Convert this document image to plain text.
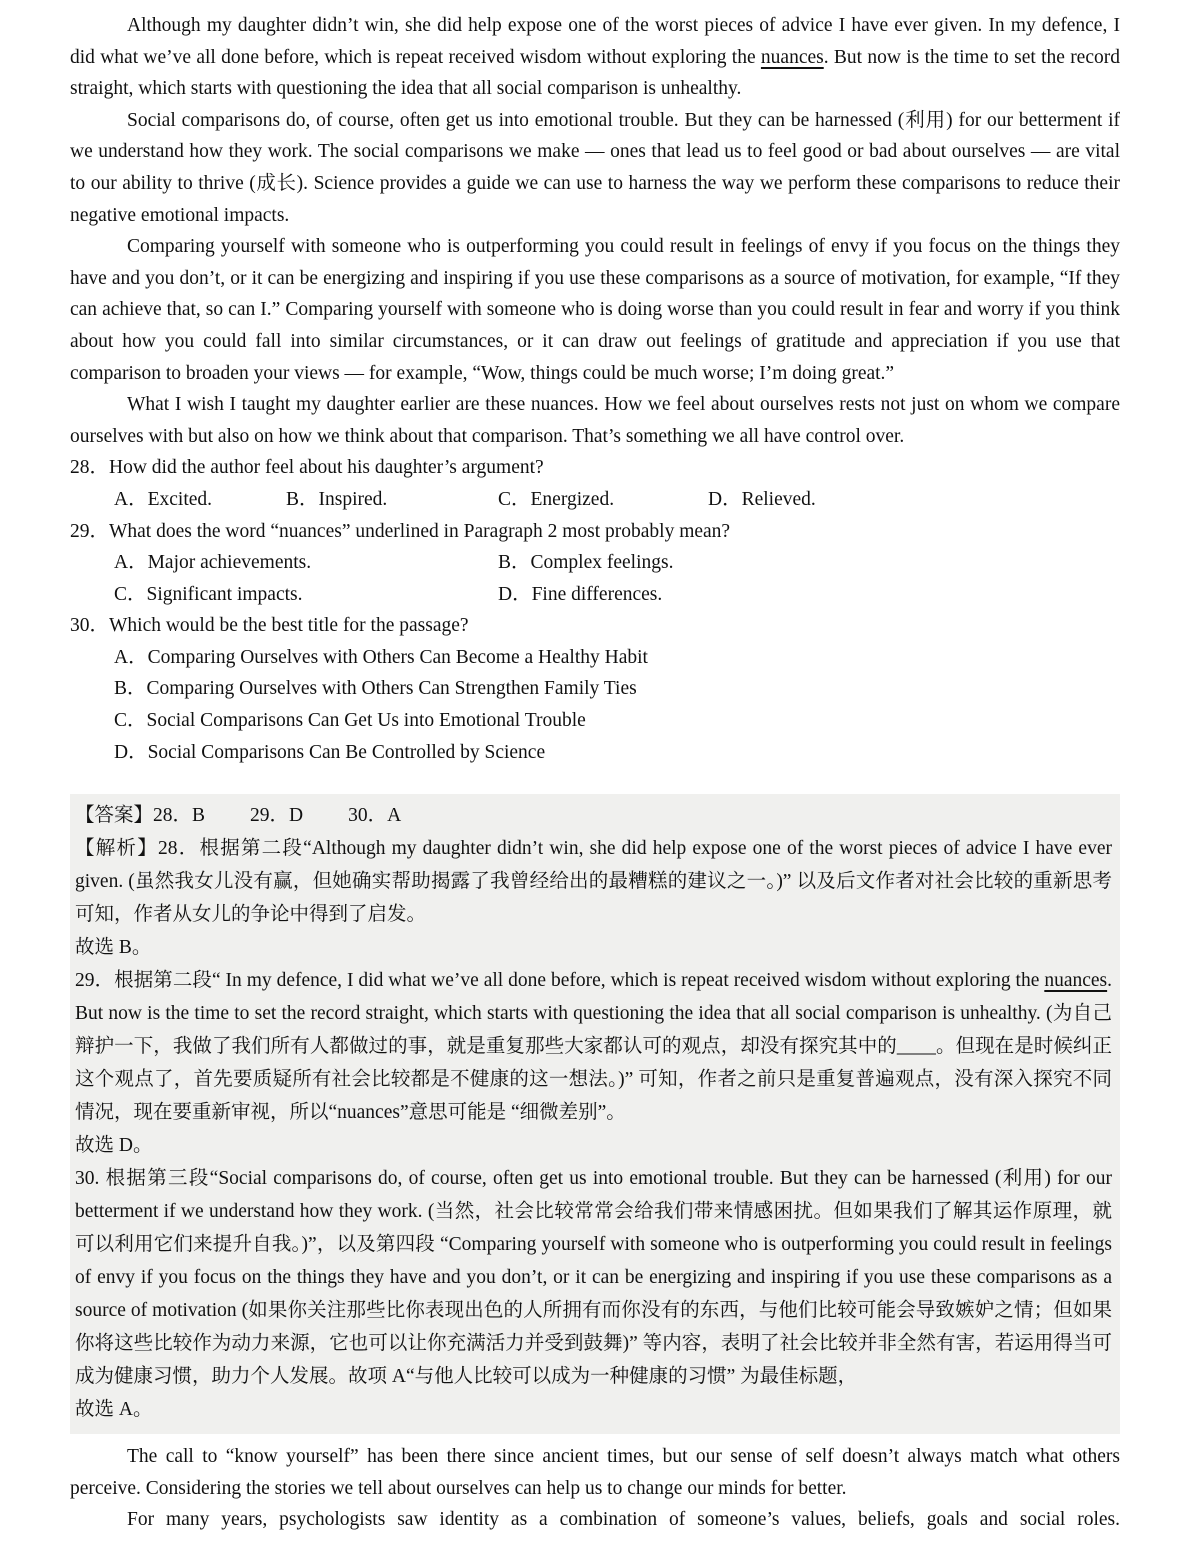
Although my daughter didn’t win, she did help expose one of the worst pieces of advice I have ever given. In my defence, I did what we’ve all done before, which is repeat received wisdom without exploring the nuances. But now is the time to set the record straight, which starts with questioning the idea that all social comparison is unhealthy.

Social comparisons do, of course, often get us into emotional trouble. But they can be harnessed (利用) for our betterment if we understand how they work. The social comparisons we make — ones that lead us to feel good or bad about ourselves — are vital to our ability to thrive (成长). Science provides a guide we can use to harness the way we perform these comparisons to reduce their negative emotional impacts.

Comparing yourself with someone who is outperforming you could result in feelings of envy if you focus on the things they have and you don’t, or it can be energizing and inspiring if you use these comparisons as a source of motivation, for example, “If they can achieve that, so can I.” Comparing yourself with someone who is doing worse than you could result in fear and worry if you think about how you could fall into similar circumstances, or it can draw out feelings of gratitude and appreciation if you use that comparison to broaden your views — for example, “Wow, things could be much worse; I’m doing great.”

What I wish I taught my daughter earlier are these nuances. How we feel about ourselves rests not just on whom we compare ourselves with but also on how we think about that comparison. That’s something we all have control over.

28．How did the author feel about his daughter’s argument?

A．Excited.	B．Inspired.	C．Energized.	D．Relieved.

29．What does the word “nuances” underlined in Paragraph 2 most probably mean?

A．Major achievements.	B．Complex feelings.
C．Significant impacts.	D．Fine differences.

30．Which would be the best title for the passage?

A．Comparing Ourselves with Others Can Become a Healthy Habit

B．Comparing Ourselves with Others Can Strengthen Family Ties

C．Social Comparisons Can Get Us into Emotional Trouble

D．Social Comparisons Can Be Controlled by Science

【答案】28．B 29．D 30．A

【解析】28．根据第二段“Although my daughter didn’t win, she did help expose one of the worst pieces of advice I have ever given. (虽然我女儿没有赢，但她确实帮助揭露了我曾经给出的最糟糕的建议之一。)” 以及后文作者对社会比较的重新思考可知，作者从女儿的争论中得到了启发。

故选 B。

29．根据第二段“ In my defence, I did what we’ve all done before, which is repeat received wisdom without exploring the nuances. But now is the time to set the record straight, which starts with questioning the idea that all social comparison is unhealthy. (为自己辩护一下，我做了我们所有人都做过的事，就是重复那些大家都认可的观点，却没有探究其中的____。但现在是时候纠正这个观点了，首先要质疑所有社会比较都是不健康的这一想法。)” 可知，作者之前只是重复普遍观点，没有深入探究不同情况，现在要重新审视，所以“nuances”意思可能是 “细微差别”。

故选 D。

30. 根据第三段“Social comparisons do, of course, often get us into emotional trouble. But they can be harnessed (利用) for our betterment if we understand how they work. (当然，社会比较常常会给我们带来情感困扰。但如果我们了解其运作原理，就可以利用它们来提升自我。)”，以及第四段 “Comparing yourself with someone who is outperforming you could result in feelings of envy if you focus on the things they have and you don’t, or it can be energizing and inspiring if you use these comparisons as a source of motivation (如果你关注那些比你表现出色的人所拥有而你没有的东西，与他们比较可能会导致嫉妒之情；但如果你将这些比较作为动力来源，它也可以让你充满活力并受到鼓舞)” 等内容，表明了社会比较并非全然有害，若运用得当可成为健康习惯，助力个人发展。故项 A“与他人比较可以成为一种健康的习惯” 为最佳标题，

故选 A。

The call to “know yourself” has been there since ancient times, but our sense of self doesn’t always match what others perceive. Considering the stories we tell about ourselves can help us to change our minds for better.

For many years, psychologists saw identity as a combination of someone’s values, beliefs, goals and social roles.
